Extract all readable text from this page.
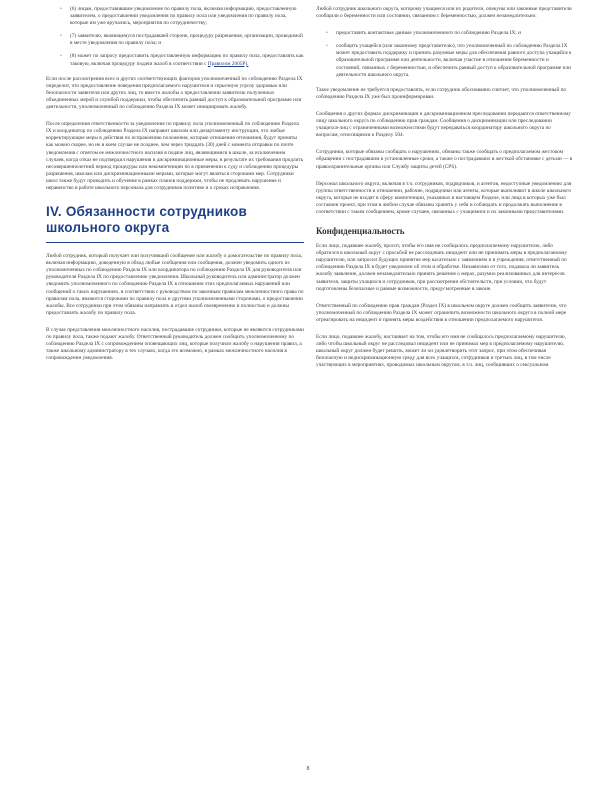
▫	(6) лицам, предоставившим уведомление по правилу пола, включая информацию, предоставленную заявителем, о предоставлении уведомления по правилу пола или уведомления по правилу пола, которые им уже вручались, мероприятия по сотрудничеству;
▫	(7) заявителю, являющемуся пострадавшей стороне, процедуру разрешения, организации, проводимой в месте уведомления по правилу пола; и
▫	(8) может по запросу предоставить предоставленную информацию по правилу пола, предоставлять как таковую, включая процедуру подачи жалоб в соответствии с Правилом 2005P).

Если после рассмотрения всех и других соответствующих факторов уполномоченный по соблюдению Раздела IX определит, что предоставление поведения предполагаемого нарушителя и серьезную угрозу здоровью или безопасности заявителя или других лиц, то вместо жалобы о предоставлении заявителю полученных объединенных мерой и службой поддержки, чтобы обеспечить равный доступ к образовательной программе или деятельности, уполномоченный по соблюдению Раздела IX может инициировать жалобу.

После определения ответственности за уведомление по правилу пола уполномоченный по соблюдению Раздела IX и координатор по соблюдению Раздела IX направит школам или департаменту инструкции, что любые корректирующие меры в действия по исправлению положения, которые отношения отношения, будут приняты как можно скорее, но не в коем случае не позднее, чем через тридцать (30) дней с момента отправки по почте уведомления с ответом ее межличностного насилия в подаче лиц, являющимися в школе, за исключением случаев, когда отказ не подтвердил нарушения и дискриминационные меры, в результате их требования продлить несовершеннолетний период процедуры или некомпетенции по в применении к суду и соблюдению процедуры разрешения, школам или дискриминационными мерами, которые могут являться сторонами мер. Сотрудники школ также будут проводить и обучение в рамках планов поддержки, чтобы не продлевать нарушение и неравенство в работе школьного персонала для сотрудников политике и о сроках исправления.

IV. Обязанности сотрудников школьного округа

Любой сотрудник, который получает или получивший сообщение или жалобу о домогательстве по правилу пола, включая информацию, доведенную в обход любые сообщения или сообщения, должен уведомить одного из уполномоченных по соблюдению Раздела IX или координатора по соблюдению Раздела IX для руководителя или руководителя Раздела IX по предоставлению уведомления. Школьный руководитель или администратор должен уведомить уполномоченного по соблюдению Раздела IX в отношении этих предполагаемых нарушений или сообщений о таких нарушениях, в соответствии с руководством по законным правилам межличностного права по правилам пола, являются сторонами по правилу пола и другими уполномоченными сторонами, о предоставлении жалобы. Все сотрудники при этом обязаны направлять в отдел жалоб своевременно и полностью и должны предоставлять жалобу по правилу пола.

В случае представления межличностного насилия, пострадавшие сотрудники, которые не являются сотрудниками по правилу пола, также подают жалобу. Ответственный руководитель должен сообщить уполномоченному по соблюдению Раздела IX с сопровождением оповещающих лиц, которые получили жалобу о нарушении правил, а также школьному администратору в тех случаях, когда это возможно, в рамках межличностного насилия в сопровождении уведомления.

Любой сотрудник школьного округа, которому учащиеся или их родители, опекуны или законные представители сообщили о беременности или состоянии, связанном с беременностью, должен незамедлительно:

▫	предоставить контактные данные уполномоченного по соблюдению Раздела IX; и
▫	сообщить учащейся (или законному представителю), что уполномоченный по соблюдению Раздела IX может предоставить поддержку и принять разумные меры для обеспечения равного доступа учащейся к образовательной программе или деятельности, включая участие в отношении беременности и состояний, связанных с беременностью, и обеспечить равный доступ к образовательной программе или деятельности школьного округа.

Такое уведомление не требуется предоставлять, если сотрудник обоснованно считает, что уполномоченный по соблюдению Раздела IX уже был проинформирован.

Сообщения о других формах дискриминации и дискриминационном преследовании передаются ответственному лицу школьного округа по соблюдению прав граждан. Сообщения о дискриминации или преследовании учащихся-лиц с ограниченными возможностями будут передаваться координатору школьного округа по вопросам, относящимся к Разделу 504.

Сотрудники, которые обязаны сообщать о нарушениях, обязаны также сообщать о предполагаемом жестоком обращении с пострадавшим в установленные сроки, а также о пострадавших в жесткой обстановке с детьми — в правоохранительные органы или Службу защиты детей (CPS).

Персонал школьного округа, включая в т.ч. сотрудников, подрядчиков, и агентов, недоступные уведомлению для группы ответственности в отношении, рабочие, подрядчики или агенты, которые выполняют в школе школьного округа, которые не входят в сферу компетенции, указанных в настоящем Разделе, или лица в которых уже был составлен проект, при этом в любом случае обязаны хранить у себя и соблюдать и продолжать выполнение в соответствии с таким сообщением, кроме случаев, связанных с учащимися и их законными представителями.

Конфиденциальность

Если лицо, подавшее жалобу, просит, чтобы его имя не сообщалось предполагаемому нарушителю, либо обратился в школьный округ с просьбой не расследовать инцидент или не принимать меры в предполагаемому нарушителю, или запросил будущих принятие мер касательно с заявлением и в учреждения, ответственный по соблюдению Раздела IX в будет уведомлен об этом и обработке. Независимо от того, подавала ли заявитель жалобу заявление, должен незамедлительно принять решение о мерах, разумно реализованных для интересов заявителя, защиты учащихся и сотрудников, при рассмотрении обстоятельств, при условии, что будут подготовлены безопасные и равные возможности, предусмотренные в законе.

Ответственный по соблюдению прав граждан (Раздел IX) в школьном округе должен сообщить заявителю, что уполномоченный по соблюдению Раздела IX может ограничить возможности школьного округа в полной мере отреагировать на инцидент и принять меры воздействия в отношении предполагаемого нарушителя.

Если лицо, подавшее жалобу, настаивает на том, чтобы его имя не сообщалось предполагаемому нарушителю, либо чтобы школьный округ не расследовал инцидент или не принимал мер в предполагаемому нарушителю, школьный округ должен будет решить, может ли он удовлетворить этот запрос, при этом обеспечивая безопасную и недискриминационную среду для всех учащихся, сотрудников и третьих лиц, в том числе участвующих в мероприятиях, проводимых школьным округом, в т.ч. лиц, сообщивших о сексуальном

8
